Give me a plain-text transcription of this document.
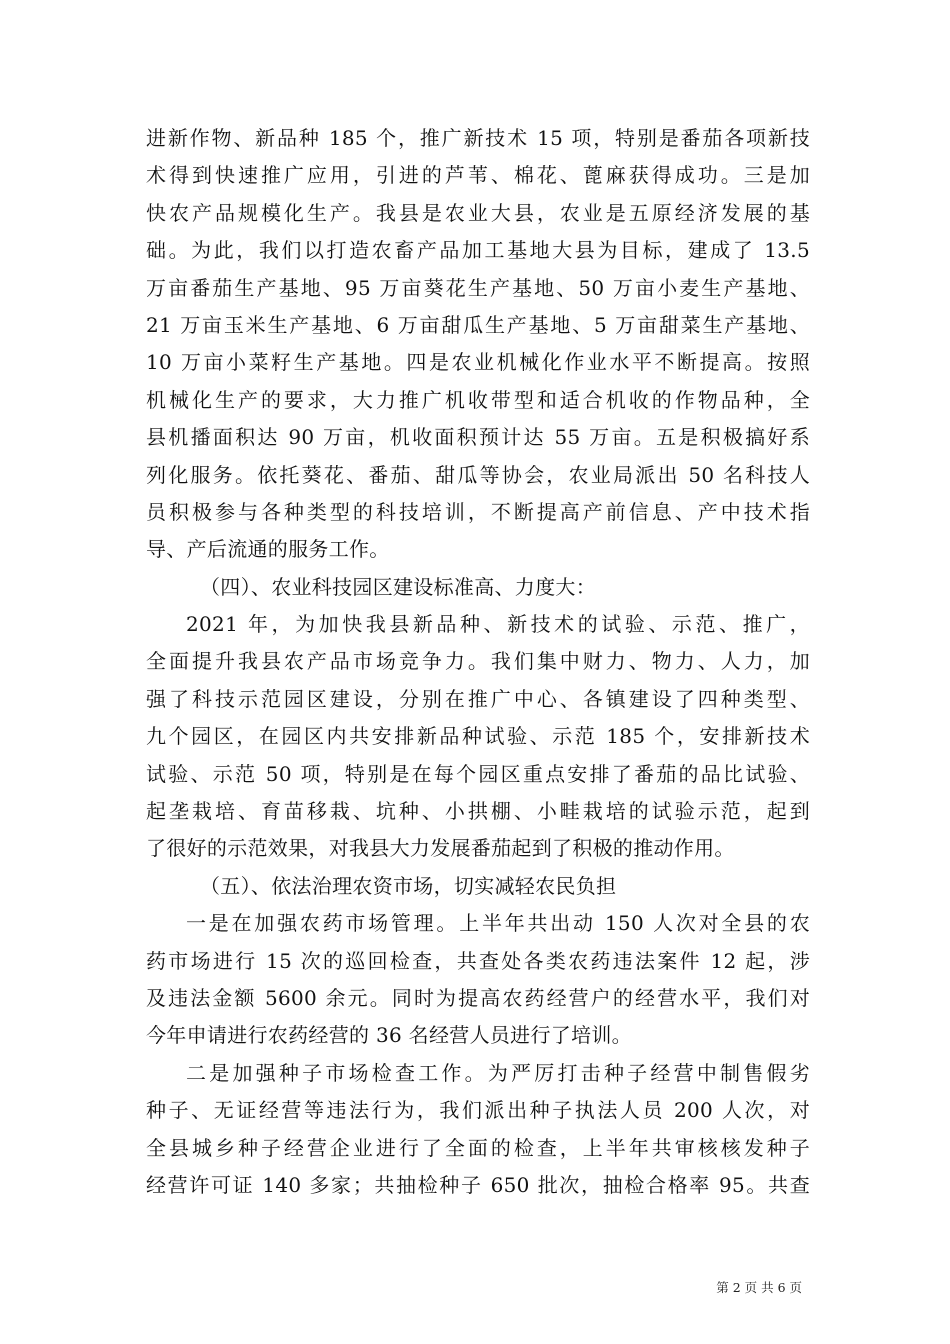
进新作物、新品种 185 个，推广新技术 15 项，特别是番茄各项新技
术得到快速推广应用，引进的芦苇、棉花、蓖麻获得成功。三是加
快农产品规模化生产。我县是农业大县，农业是五原经济发展的基
础。为此，我们以打造农畜产品加工基地大县为目标，建成了 13.5
万亩番茄生产基地、95 万亩葵花生产基地、50 万亩小麦生产基地、
21 万亩玉米生产基地、6 万亩甜瓜生产基地、5 万亩甜菜生产基地、
10 万亩小菜籽生产基地。四是农业机械化作业水平不断提高。按照
机械化生产的要求，大力推广机收带型和适合机收的作物品种，全
县机播面积达 90 万亩，机收面积预计达 55 万亩。五是积极搞好系
列化服务。依托葵花、番茄、甜瓜等协会，农业局派出 50 名科技人
员积极参与各种类型的科技培训，不断提高产前信息、产中技术指
导、产后流通的服务工作。
（四）、农业科技园区建设标准高、力度大：
2021 年，为加快我县新品种、新技术的试验、示范、推广，
全面提升我县农产品市场竞争力。我们集中财力、物力、人力，加
强了科技示范园区建设，分别在推广中心、各镇建设了四种类型、
九个园区，在园区内共安排新品种试验、示范 185 个，安排新技术
试验、示范 50 项，特别是在每个园区重点安排了番茄的品比试验、
起垄栽培、育苗移栽、坑种、小拱棚、小畦栽培的试验示范，起到
了很好的示范效果，对我县大力发展番茄起到了积极的推动作用。
（五）、依法治理农资市场，切实减轻农民负担
一是在加强农药市场管理。上半年共出动 150 人次对全县的农
药市场进行 15 次的巡回检查，共查处各类农药违法案件 12 起，涉
及违法金额 5600 余元。同时为提高农药经营户的经营水平，我们对
今年申请进行农药经营的 36 名经营人员进行了培训。
二是加强种子市场检查工作。为严厉打击种子经营中制售假劣
种子、无证经营等违法行为，我们派出种子执法人员 200 人次，对
全县城乡种子经营企业进行了全面的检查，上半年共审核核发种子
经营许可证 140 多家；共抽检种子 650 批次，抽检合格率 95。共查
第 2 页 共 6 页
